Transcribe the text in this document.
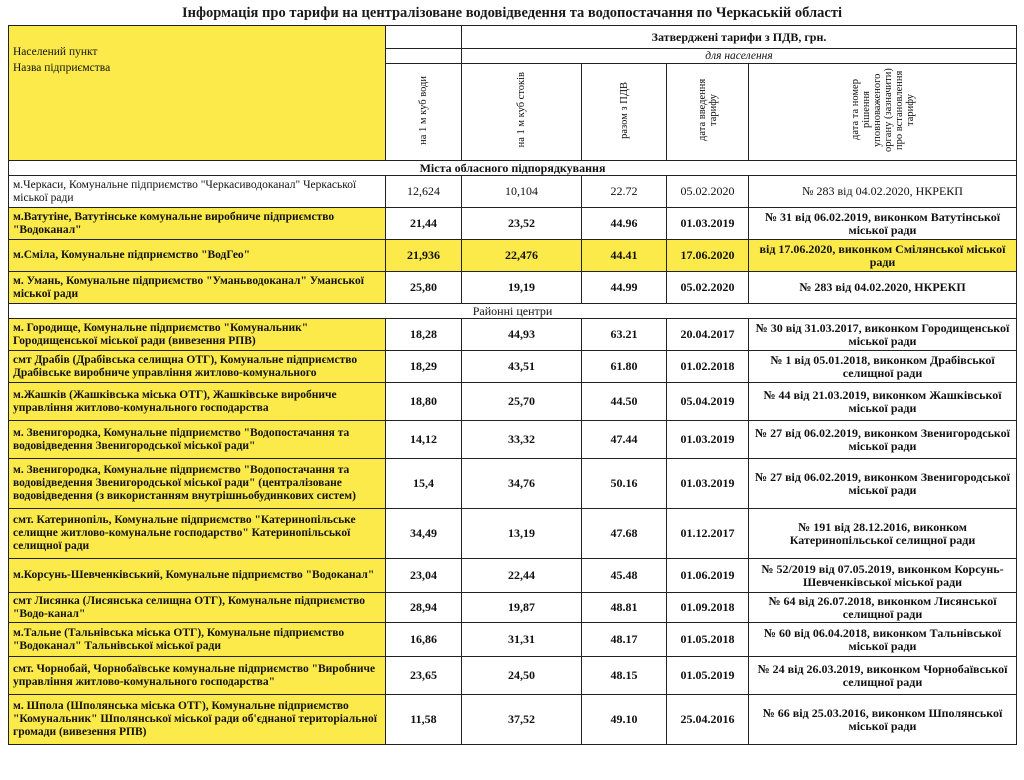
Інформація про тарифи на централізоване водовідведення та водопостачання по Черкаській області
Населений пункт
Назва підприємства		Затверджені тарифи з ПДВ, грн.			
		для населення			
	на 1 м куб води	на 1 м куб стоків	разом з ПДВ	дата введення тарифу	дата та номер рішення уповноваженого органу (зазначити) про встановлення тарифу
Міста обласного підпорядкування					
м.Черкаси, Комунальне підприємство "Черкасиводоканал" Черкаської міської ради	12,624	10,104	22.72	05.02.2020	№ 283 від 04.02.2020, НКРЕКП
м.Ватутіне, Ватутінське комунальне виробниче підприємство "Водоканал"	21,44	23,52	44.96	01.03.2019	№ 31 від 06.02.2019, виконком Ватутінської міської ради
м.Сміла, Комунальне підприємство "ВодГео"	21,936	22,476	44.41	17.06.2020	від 17.06.2020, виконком Смілянської міської ради
м. Умань, Комунальне підприємство "Уманьводоканал" Уманської міської ради	25,80	19,19	44.99	05.02.2020	№ 283 від 04.02.2020, НКРЕКП
Районні центри					
м. Городище, Комунальне підприємство "Комунальник" Городищенської міської ради (вивезення РПВ)	18,28	44,93	63.21	20.04.2017	№ 30 від 31.03.2017, виконком Городищенської міської ради
смт Драбів (Драбівська селищна ОТГ), Комунальне підприємство Драбівське виробниче управління житлово-комунального	18,29	43,51	61.80	01.02.2018	№ 1 від 05.01.2018, виконком Драбівської селищної ради
м.Жашків (Жашківська міська ОТГ), Жашківське виробниче управління житлово-комунального господарства	18,80	25,70	44.50	05.04.2019	№ 44 від 21.03.2019, виконком Жашківської міської ради
м. Звенигородка, Комунальне підприємство "Водопостачання та водовідведення Звенигородської міської ради"	14,12	33,32	47.44	01.03.2019	№ 27 від 06.02.2019, виконком Звенигородської міської ради
м. Звенигородка, Комунальне підприємство "Водопостачання та водовідведення Звенигородської міської ради" (централізоване водовідведення (з використанням внутрішньобудинкових систем)	15,4	34,76	50.16	01.03.2019	№ 27 від 06.02.2019, виконком Звенигородської міської ради
смт. Катеринопіль, Комунальне підприємство "Катеринопільське селищне житлово-комунальне господарство" Катеринопільської селищної ради	34,49	13,19	47.68	01.12.2017	№ 191 від 28.12.2016, виконком Катеринопільської селищної ради
м.Корсунь-Шевченківський, Комунальне підприємство "Водоканал"	23,04	22,44	45.48	01.06.2019	№ 52/2019 від 07.05.2019, виконком Корсунь-Шевченківської міської ради
смт Лисянка (Лисянська селищна ОТГ), Комунальне підприємство "Водо-канал"	28,94	19,87	48.81	01.09.2018	№ 64 від 26.07.2018, виконком Лисянської селищної ради
м.Тальне (Тальнівська міська ОТГ), Комунальне підприємство "Водоканал" Тальнівської міської ради	16,86	31,31	48.17	01.05.2018	№ 60 від 06.04.2018, виконком Тальнівської міської ради
смт. Чорнобай, Чорнобаївське комунальне підприємство "Виробниче управління житлово-комунального господарства"	23,65	24,50	48.15	01.05.2019	№ 24 від 26.03.2019, виконком Чорнобаївської селищної ради
м. Шпола (Шполянська міська ОТГ), Комунальне підприємство "Комунальник" Шполянської міської ради об'єднаної територіальної громади (вивезення РПВ)	11,58	37,52	49.10	25.04.2016	№ 66 від 25.03.2016, виконком Шполянської міської ради
